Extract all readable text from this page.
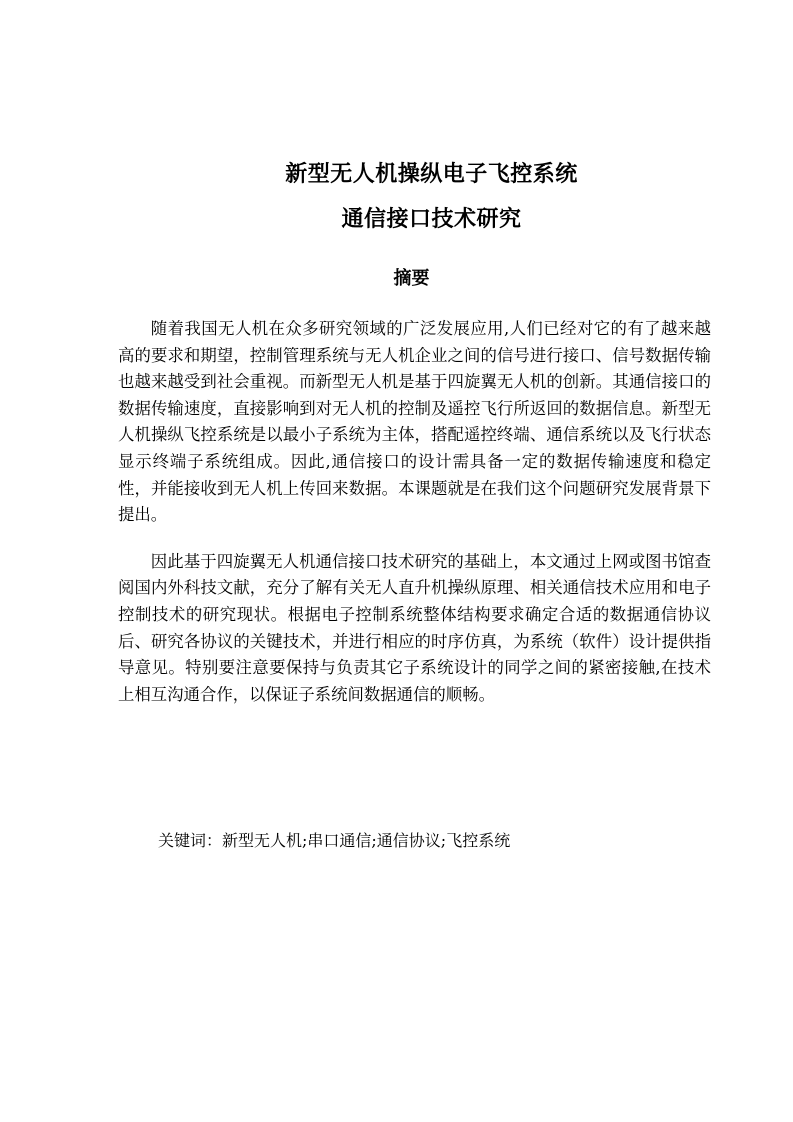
新型无人机操纵电子飞控系统
通信接口技术研究
摘要

随着我国无人机在众多研究领域的广泛发展应用,人们已经对它的有了越来越高的要求和期望，控制管理系统与无人机企业之间的信号进行接口、信号数据传输也越来越受到社会重视。而新型无人机是基于四旋翼无人机的创新。其通信接口的数据传输速度，直接影响到对无人机的控制及遥控飞行所返回的数据信息。新型无人机操纵飞控系统是以最小子系统为主体，搭配遥控终端、通信系统以及飞行状态显示终端子系统组成。因此,通信接口的设计需具备一定的数据传输速度和稳定性，并能接收到无人机上传回来数据。本课题就是在我们这个问题研究发展背景下提出。

因此基于四旋翼无人机通信接口技术研究的基础上，本文通过上网或图书馆查阅国内外科技文献，充分了解有关无人直升机操纵原理、相关通信技术应用和电子控制技术的研究现状。根据电子控制系统整体结构要求确定合适的数据通信协议后、研究各协议的关键技术，并进行相应的时序仿真，为系统（软件）设计提供指导意见。特别要注意要保持与负责其它子系统设计的同学之间的紧密接触,在技术上相互沟通合作，以保证子系统间数据通信的顺畅。

关键词：新型无人机;串口通信;通信协议;飞控系统
